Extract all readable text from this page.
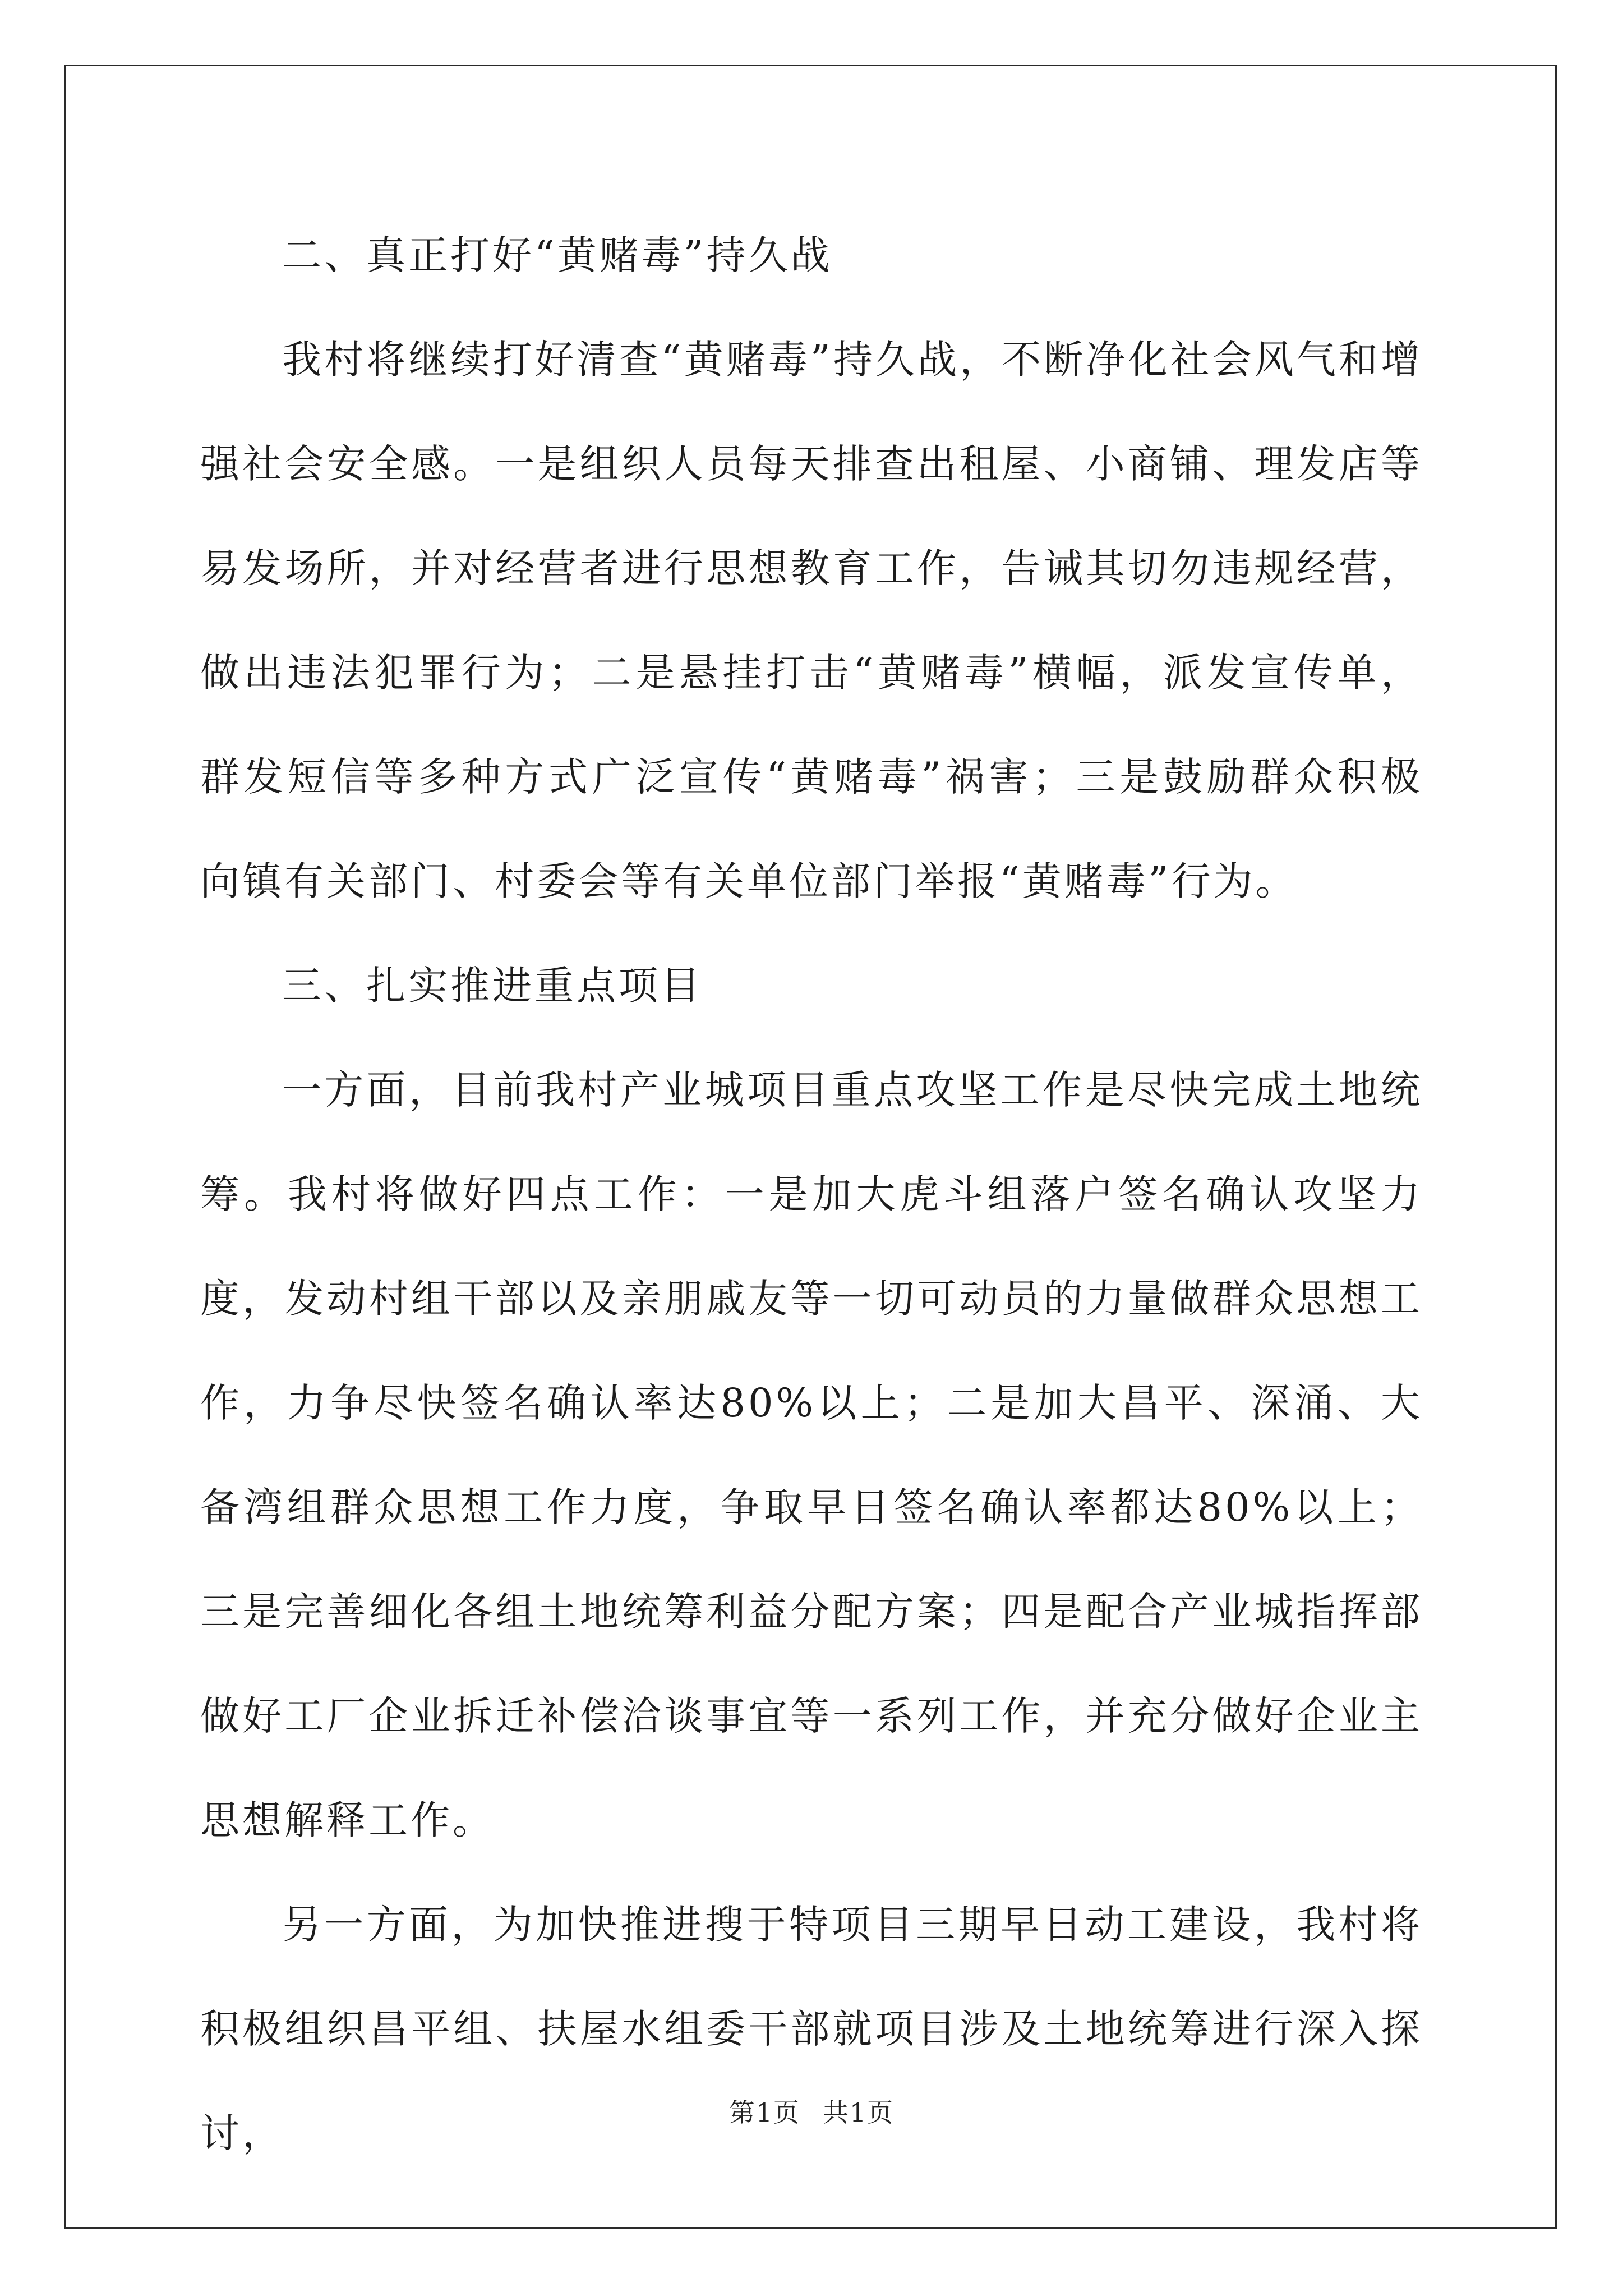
二、真正打好“黄赌毒”持久战

我村将继续打好清查“黄赌毒”持久战，不断净化社会风气和增强社会安全感。一是组织人员每天排查出租屋、小商铺、理发店等易发场所，并对经营者进行思想教育工作，告诫其切勿违规经营，做出违法犯罪行为；二是悬挂打击“黄赌毒”横幅，派发宣传单，群发短信等多种方式广泛宣传“黄赌毒”祸害；三是鼓励群众积极向镇有关部门、村委会等有关单位部门举报“黄赌毒”行为。

三、扎实推进重点项目

一方面，目前我村产业城项目重点攻坚工作是尽快完成土地统筹。我村将做好四点工作：一是加大虎斗组落户签名确认攻坚力度，发动村组干部以及亲朋戚友等一切可动员的力量做群众思想工作，力争尽快签名确认率达80%以上；二是加大昌平、深涌、大备湾组群众思想工作力度，争取早日签名确认率都达80%以上；三是完善细化各组土地统筹利益分配方案；四是配合产业城指挥部做好工厂企业拆迁补偿洽谈事宜等一系列工作，并充分做好企业主思想解释工作。

另一方面，为加快推进搜于特项目三期早日动工建设，我村将积极组织昌平组、扶屋水组委干部就项目涉及土地统筹进行深入探讨，	第1页 共1页
